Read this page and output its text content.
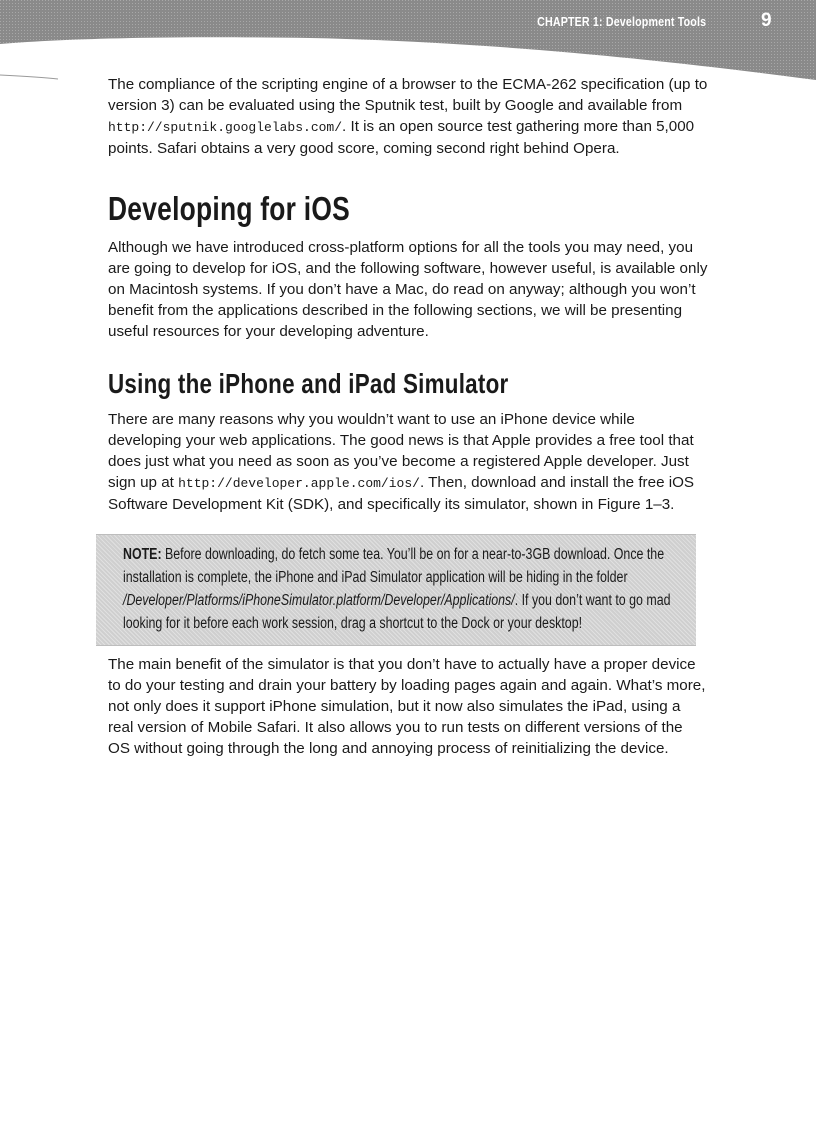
CHAPTER 1: Development Tools	9

The compliance of the scripting engine of a browser to the ECMA-262 specification (up to version 3) can be evaluated using the Sputnik test, built by Google and available from http://sputnik.googlelabs.com/. It is an open source test gathering more than 5,000 points. Safari obtains a very good score, coming second right behind Opera.

Developing for iOS

Although we have introduced cross-platform options for all the tools you may need, you are going to develop for iOS, and the following software, however useful, is available only on Macintosh systems. If you don’t have a Mac, do read on anyway; although you won’t benefit from the applications described in the following sections, we will be presenting useful resources for your developing adventure.

Using the iPhone and iPad Simulator

There are many reasons why you wouldn’t want to use an iPhone device while developing your web applications. The good news is that Apple provides a free tool that does just what you need as soon as you’ve become a registered Apple developer. Just sign up at http://developer.apple.com/ios/. Then, download and install the free iOS Software Development Kit (SDK), and specifically its simulator, shown in Figure 1–3.

NOTE: Before downloading, do fetch some tea. You’ll be on for a near-to-3GB download. Once the installation is complete, the iPhone and iPad Simulator application will be hiding in the folder /Developer/Platforms/iPhoneSimulator.platform/Developer/Applications/. If you don’t want to go mad looking for it before each work session, drag a shortcut to the Dock or your desktop!

The main benefit of the simulator is that you don’t have to actually have a proper device to do your testing and drain your battery by loading pages again and again. What’s more, not only does it support iPhone simulation, but it now also simulates the iPad, using a real version of Mobile Safari. It also allows you to run tests on different versions of the OS without going through the long and annoying process of reinitializing the device.
